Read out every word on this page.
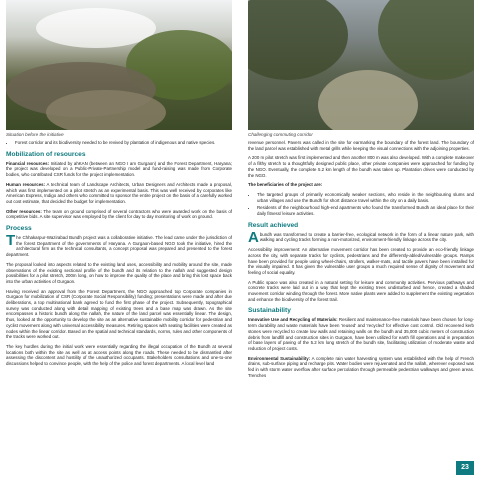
Situation before the initiative	Challenging commuting corridor
• Forest corridor and its biodiversity needed to be revived by plantation of indigenous and native species.
Mobilization of resources

Financial resources: Initiated by ahKAN (between an NGO I am Gurgaon) and the Forest Department, Haryana; the project was developed on a Public-Private-Partnership model and fund-raising was made from Corporate bodies, who contributed CSR funds for the project implementation.

Human resources: A technical team of Landscape Architects, Urban Designers and Architects made a proposal, which was first implemented on a pilot stretch as an experimental basis. This was well received by corporates like American Express, Indigo and others who committed to sponsor the entire project on the basis of a carefully worked out cost estimate, that decided the budget for implementation.

Other resources: The team on ground comprised of several contractors who were awarded work on the basis of competitive bids. A site supervisor was employed by the client for day to day monitoring of work on ground.

Process

The Chhakarpur-Wazirabad Bundh project was a collaborative initiative. The lead came under the jurisdiction of the forest Department of the governments of Haryana. A Gurgaon-based NGO took the initiative, hired the architectural firm as the technical consultants, a concept proposal was prepared and presented to the forest department.

The proposal looked into aspects related to the existing land uses, accessibility and mobility around the site, made observations of the existing sectional profile of the bundh and its relation to the nallah and suggested design possibilities for a pilot stretch, 200m long, on how to improve the quality of the place and bring this lost space back into the urban activities of Gurgaon.

Having received an approval from the Forest Department, the NGO approached top Corporate companies in Gurgaon for mobilization of CSR (Corporate Social Responsibility) funding; presentations were made and after due deliberations, a top multinational bank agreed to fund the first phase of the project. Subsequently, topographical survey was conducted along with detail mapping of existing trees and a base map was drawn. As the site encompasses a historic bundh along the nallah, the nature of the land parcel was essentially linear. The design, thus, looked at the opportunity to develop the site as an alternative sustainable mobility corridor for pedestrian and cyclist movement along with universal accessibility measures. Retiring spaces with seating facilities were created as nodes within the linear corridor. Based on the spatial and technical standards, norms, rules and other components of the tracks were worked out.

The key hurdles during the initial work were essentially regarding the illegal occupation of the Bundh at several locations both within the site as well as at access points along the roads. These needed to be dismantled after assessing the discontent and hostility of the unauthorized occupants. Stakeholders consultations and one-to-one discussions helped to convince people, with the help of the police and forest departments. A local level land

revenue personnel. Pavers was called in the site for earmarking the boundary of the forest land. The boundary of the land parcel was established with metal grills while keeping the visual connections with the adjoining properties.

A 200 m pilot stretch was first implemented and then another 800 m was also developed. With a complete makeover of a filthy stretch to a thoughtfully designed public place, other private companies were approached for funding by the NGO. Eventually, the complete 5.2 km length of the bundh was taken up. Plantation drives were conducted by the NGO.

The beneficiaries of the project are:

• The targeted groups of primarily economically weaker sections, who reside in the neighbouring slums and urban villages and use the Bundh for short distance travel within the city on a daily basis.
• Residents of the neighbourhood high-end apartments who found the transformed Bundh an ideal place for their daily fitness/ leisure activities.
Result achieved

Abundh was transformed to create a barrier-free, ecological network in the form of a linear nature park, with walking and cycling tracks forming a non-motorized, environment-friendly linkage across the city.

Accessibility improvement: An alternative movement corridor has been created to provide an eco-friendly linkage across the city, with separate tracks for cyclists, pedestrians and the differently-abled/vulnerable groups. Ramps have been provided for people using wheel-chairs, strollers, walker-mats, and tactile pavers have been installed for the visually impaired. It has given the vulnerable user groups a much required sense of dignity of movement and feeling of social equality.

A Public space was also created in a natural setting for leisure and community activities. Pervious pathways and concrete tracks were laid out in a way that kept the existing trees undisturbed and hence, created a shaded movement corridor winding through the forest. More native plants were added to supplement the existing vegetation and enhance the biodiversity of the forest trail.

Sustainability

Innovative Use and Recycling of Materials: Resilient and maintenance-free materials have been chosen for long-term durability and waste materials have been 'reused' and 'recycled' for effective cost control. Old recovered kerb stones were recycled to create low walls and retaining walls on the bundh and 35,000 cubic meters of construction debris from landfill and construction sites in Gurgaon, have been utilized for earth fill operations and in preparation of base layers of paving of the 5.2 km long stretch of the bundh site, facilitating utilization of moderate waste and reduction of project costs.

Environmental Sustainability: A complete rain water harvesting system was established with the help of French drains, sub-surface piping and recharge pits. Water bodies were rejuvenated and the nallah, wherever exposed was fed in with storm water overflow after surface percolation through permeable pedestrian walkways and green areas. Trenches

23
